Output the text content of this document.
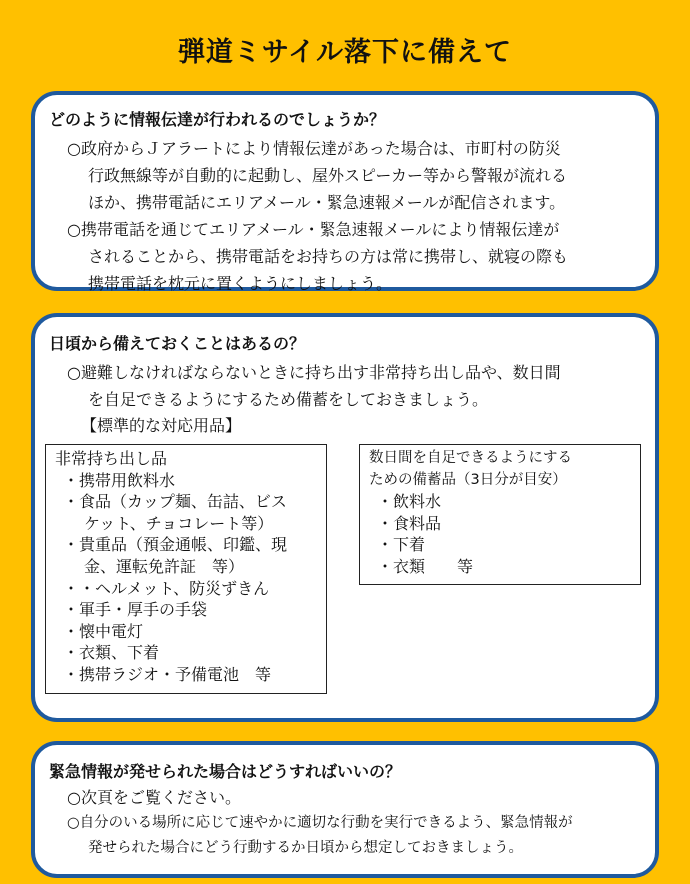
弾道ミサイル落下に備えて
どのように情報伝達が行われるのでしょうか？
○政府からＪアラートにより情報伝達があった場合は、市町村の防災
行政無線等が自動的に起動し、屋外スピーカー等から警報が流れる
ほか、携帯電話にエリアメール・緊急速報メールが配信されます。
○携帯電話を通じてエリアメール・緊急速報メールにより情報伝達が
されることから、携帯電話をお持ちの方は常に携帯し、就寝の際も
携帯電話を枕元に置くようにしましょう。
日頃から備えておくことはあるの？
○避難しなければならないときに持ち出す非常持ち出し品や、数日間
を自足できるようにするため備蓄をしておきましょう。
【標準的な対応用品】
非常持ち出し品
・携帯用飲料水
・食品（カップ麺、缶詰、ビス
ケット、チョコレート等）
・貴重品（預金通帳、印鑑、現
金、運転免許証　等）
・・ヘルメット、防災ずきん
・軍手・厚手の手袋
・懐中電灯
・衣類、下着
・携帯ラジオ・予備電池　等
数日間を自足できるようにする
ための備蓄品（3日分が目安）
・飲料水
・食料品
・下着
・衣類　　等
緊急情報が発せられた場合はどうすればいいの？
○次頁をご覧ください。
○自分のいる場所に応じて速やかに適切な行動を実行できるよう、緊急情報が
発せられた場合にどう行動するか日頃から想定しておきましょう。
